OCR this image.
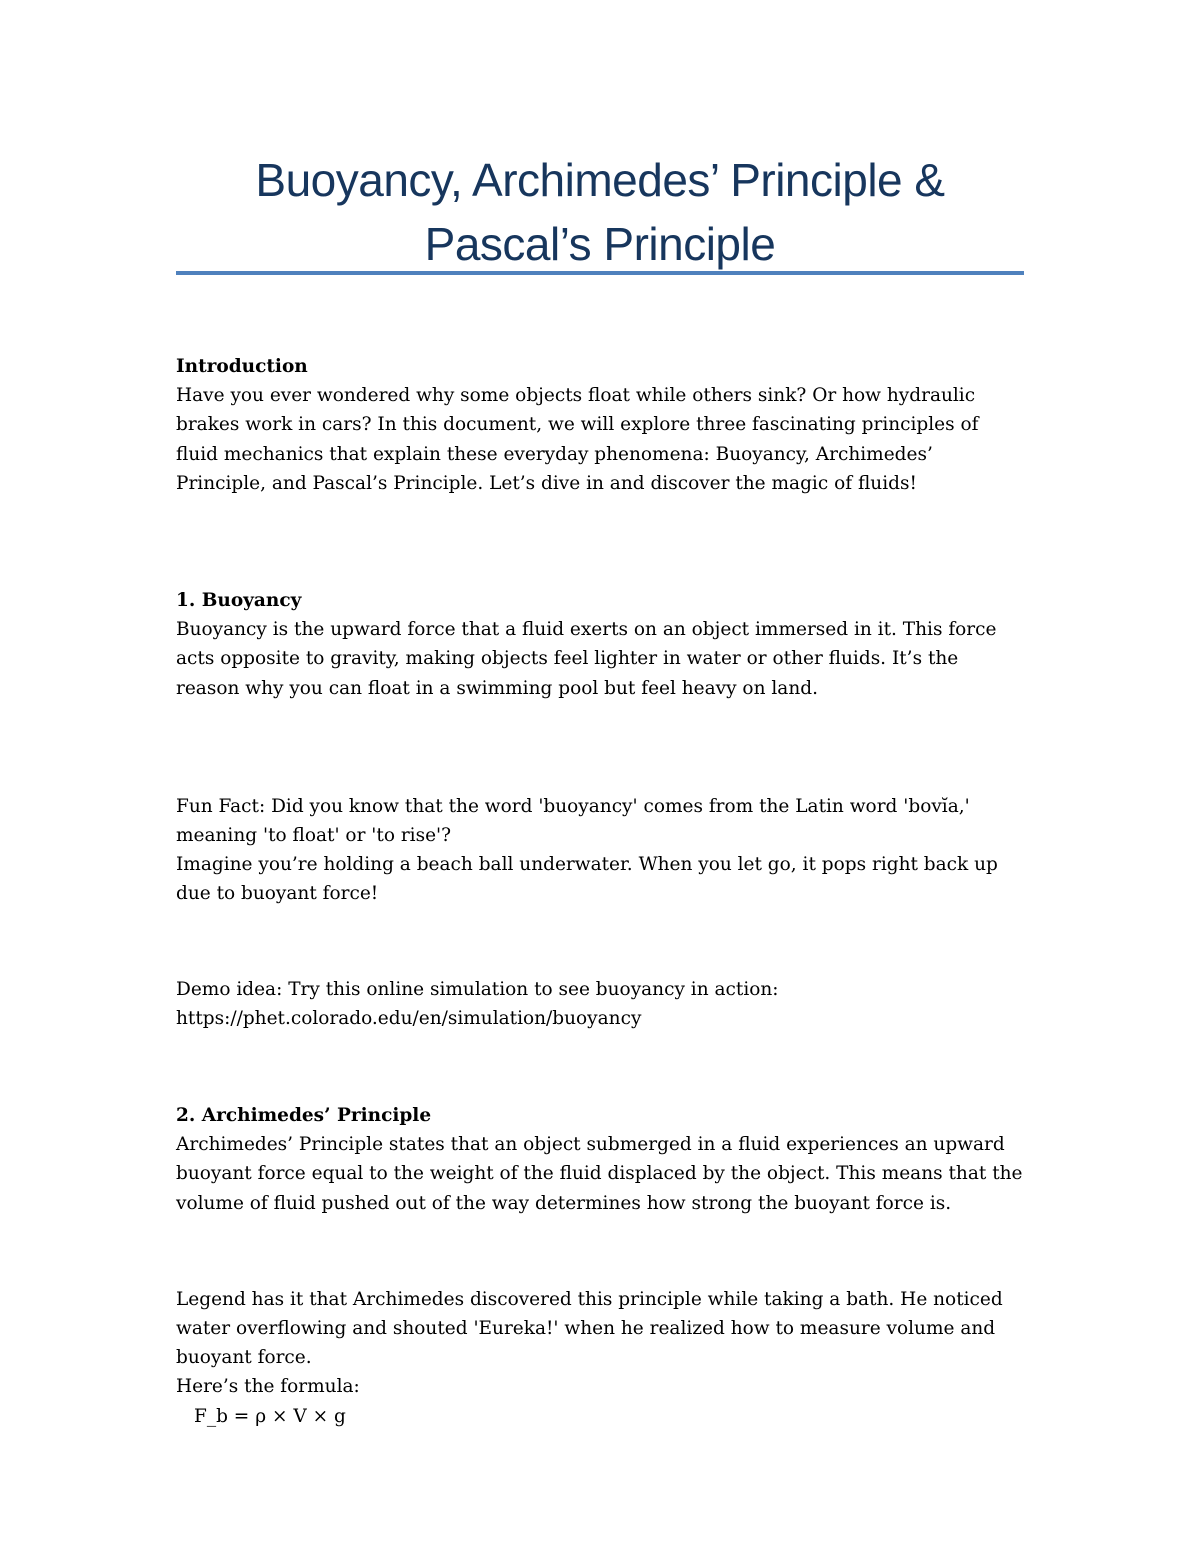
Buoyancy, Archimedes’ Principle &
Pascal’s Principle

Introduction

Have you ever wondered why some objects float while others sink? Or how hydraulic brakes work in cars? In this document, we will explore three fascinating principles of fluid mechanics that explain these everyday phenomena: Buoyancy, Archimedes’ Principle, and Pascal’s Principle. Let’s dive in and discover the magic of fluids!

1. Buoyancy

Buoyancy is the upward force that a fluid exerts on an object immersed in it. This force acts opposite to gravity, making objects feel lighter in water or other fluids. It’s the reason why you can float in a swimming pool but feel heavy on land.

Fun Fact: Did you know that the word 'buoyancy' comes from the Latin word 'bovĭa,' meaning 'to float' or 'to rise'?

Imagine you’re holding a beach ball underwater. When you let go, it pops right back up due to buoyant force!

Demo idea: Try this online simulation to see buoyancy in action:

https://phet.colorado.edu/en/simulation/buoyancy

2. Archimedes’ Principle

Archimedes’ Principle states that an object submerged in a fluid experiences an upward buoyant force equal to the weight of the fluid displaced by the object. This means that the volume of fluid pushed out of the way determines how strong the buoyant force is.

Legend has it that Archimedes discovered this principle while taking a bath. He noticed water overflowing and shouted 'Eureka!' when he realized how to measure volume and buoyant force.

Here’s the formula:

F_b = ρ × V × g
